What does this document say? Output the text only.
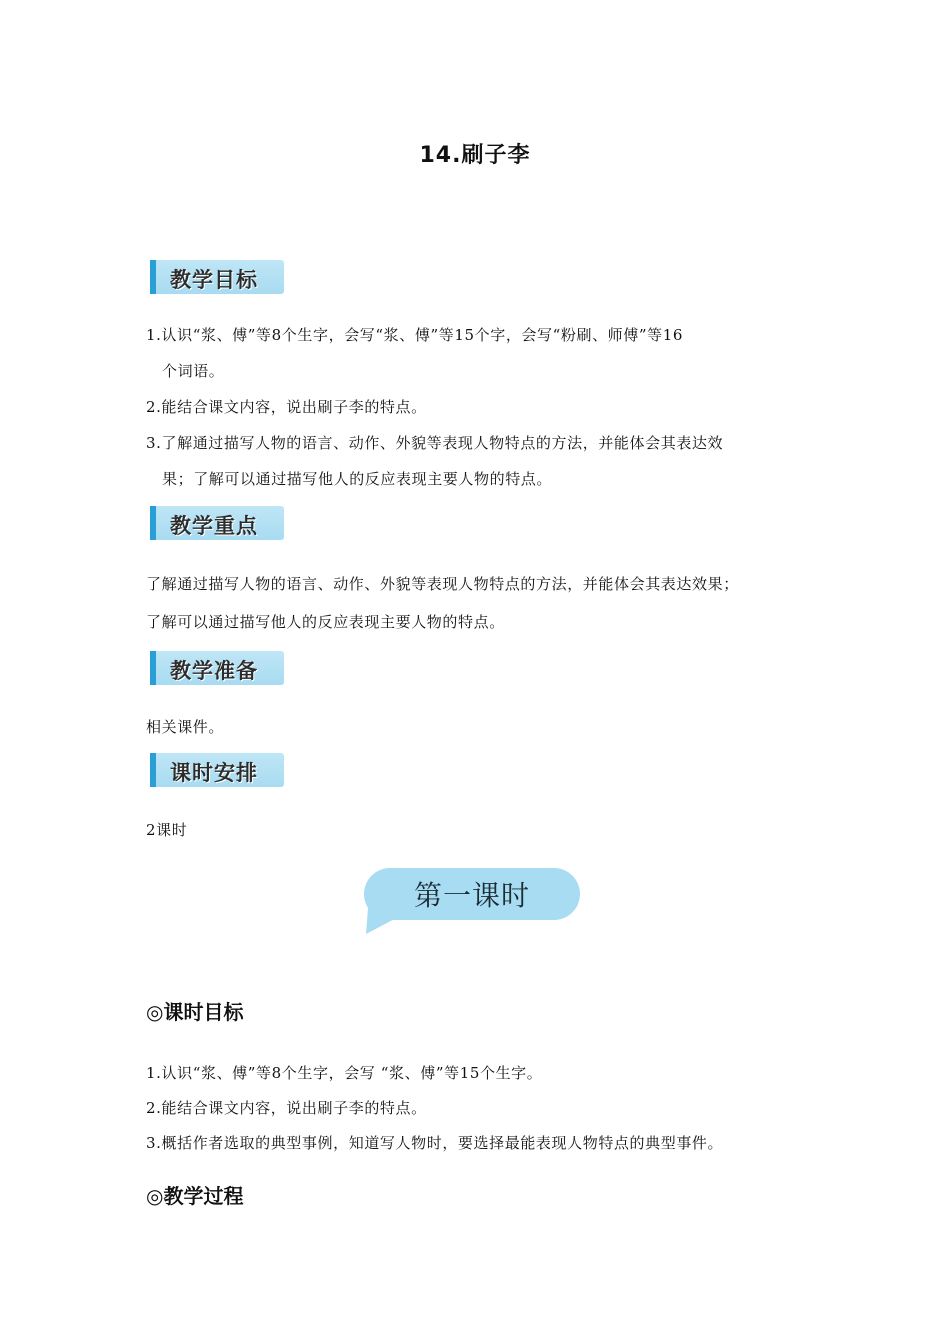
14.刷子李
教学目标
1.认识“浆、傅”等8个生字，会写“浆、傅”等15个字，会写“粉刷、师傅”等16
个词语。
2.能结合课文内容，说出刷子李的特点。
3.了解通过描写人物的语言、动作、外貌等表现人物特点的方法，并能体会其表达效
果；了解可以通过描写他人的反应表现主要人物的特点。
教学重点
了解通过描写人物的语言、动作、外貌等表现人物特点的方法，并能体会其表达效果；
了解可以通过描写他人的反应表现主要人物的特点。
教学准备
相关课件。
课时安排
2课时
第一课时
◎课时目标
1.认识“浆、傅”等8个生字，会写 “浆、傅”等15个生字。
2.能结合课文内容，说出刷子李的特点。
3.概括作者选取的典型事例，知道写人物时，要选择最能表现人物特点的典型事件。
◎教学过程
